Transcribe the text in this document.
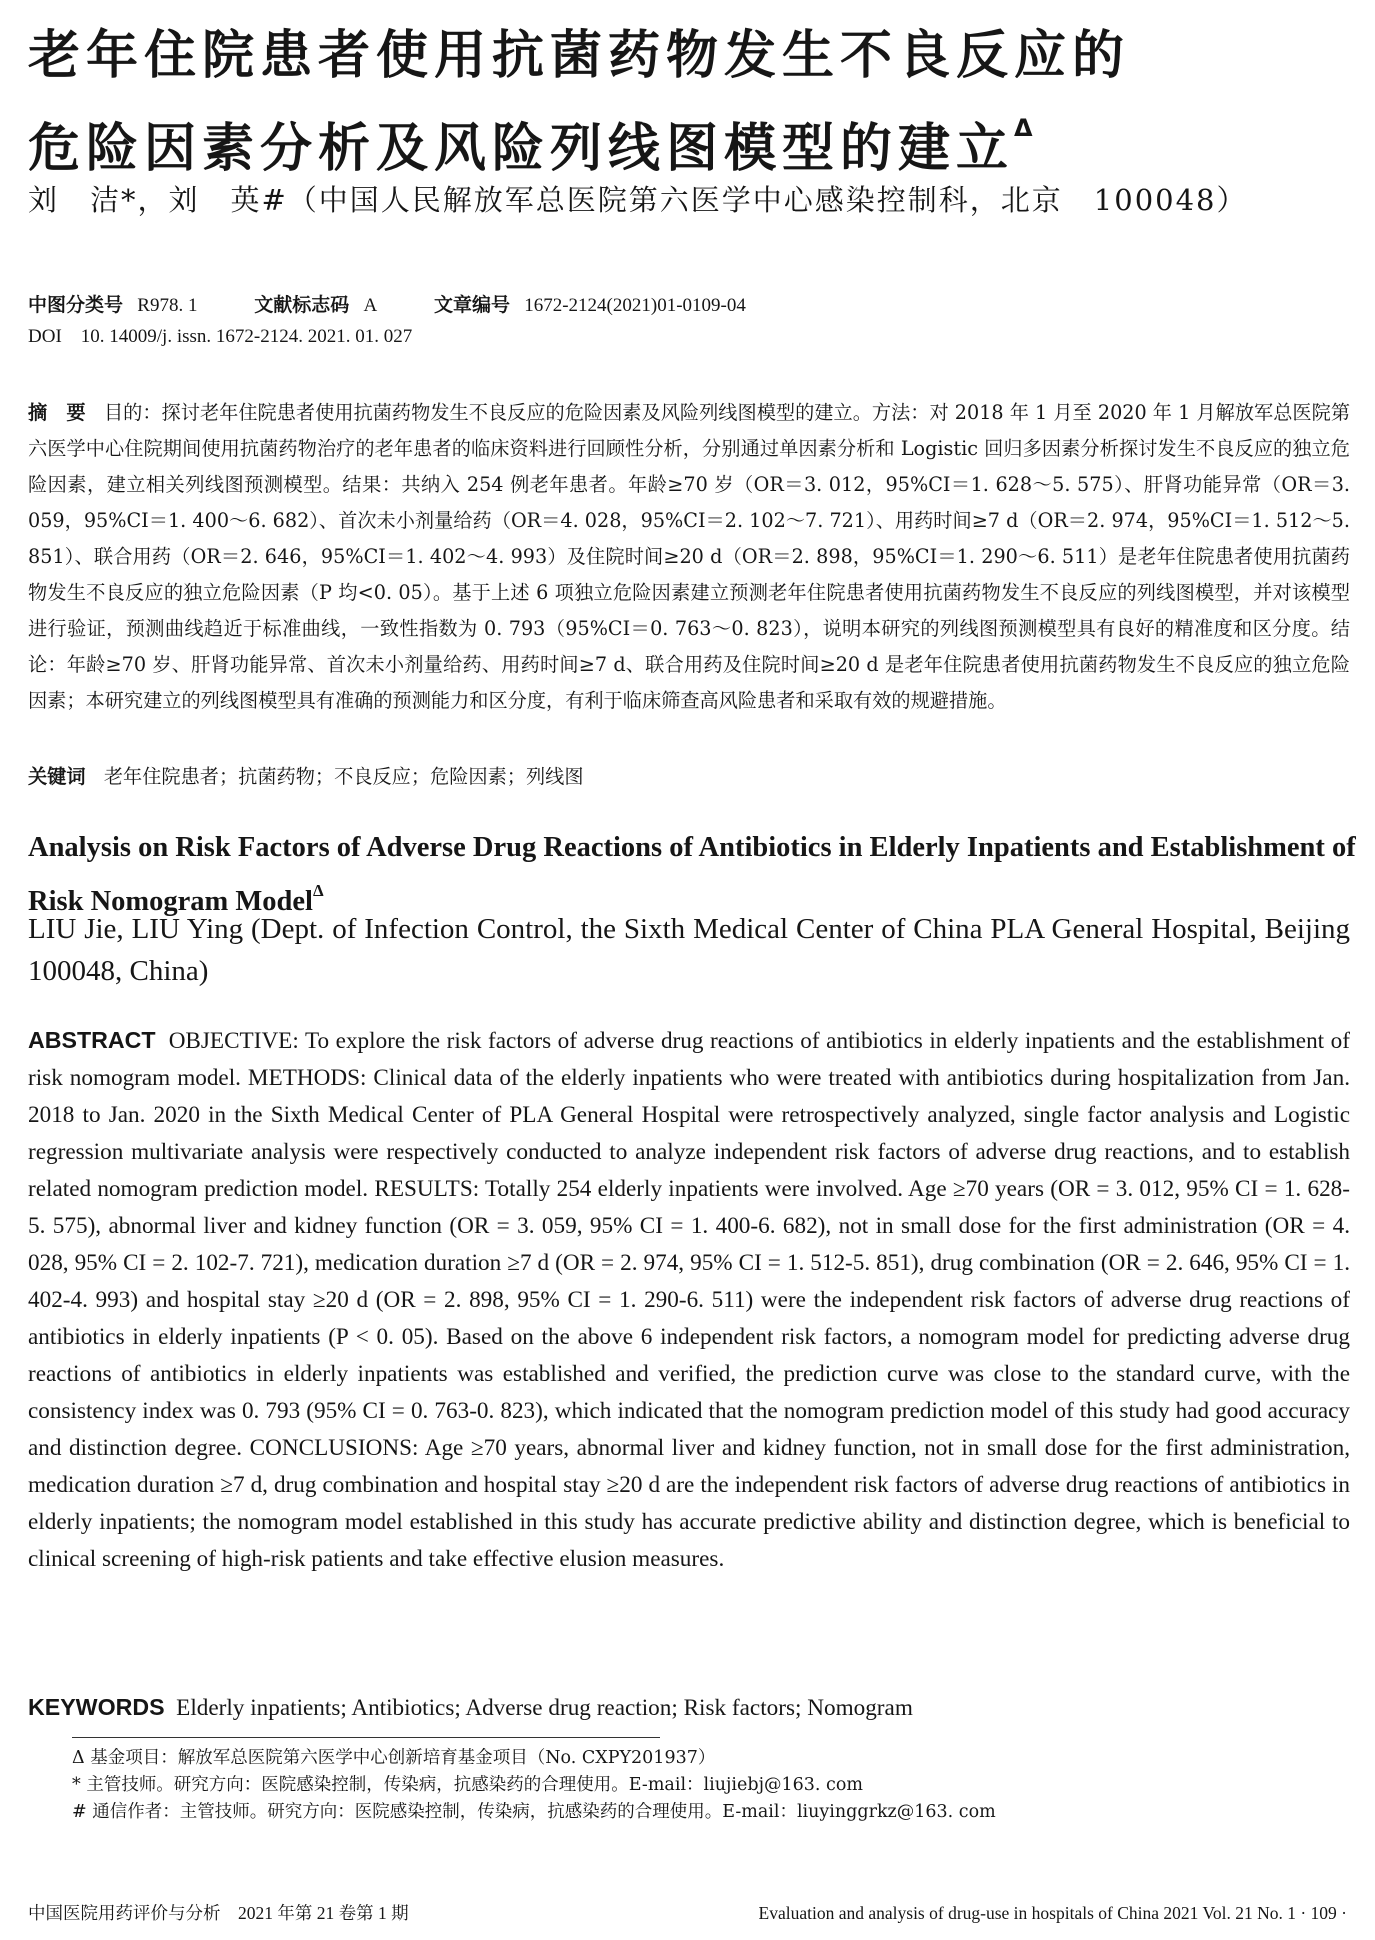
老年住院患者使用抗菌药物发生不良反应的
危险因素分析及风险列线图模型的建立$^\Delta$
刘　洁*，刘　英#（中国人民解放军总医院第六医学中心感染控制科，北京　100048）
中图分类号 R978. 1	文献标志码 A	文章编号 1672-2124(2021)01-0109-04
DOI　10. 14009/j. issn. 1672-2124. 2021. 01. 027

摘　要 目的：探讨老年住院患者使用抗菌药物发生不良反应的危险因素及风险列线图模型的建立。方法：对 2018 年 1 月至 2020 年 1 月解放军总医院第六医学中心住院期间使用抗菌药物治疗的老年患者的临床资料进行回顾性分析，分别通过单因素分析和 Logistic 回归多因素分析探讨发生不良反应的独立危险因素，建立相关列线图预测模型。结果：共纳入 254 例老年患者。年龄≥70 岁（OR＝3. 012，95%CI＝1. 628～5. 575）、肝肾功能异常（OR＝3. 059，95%CI＝1. 400～6. 682）、首次未小剂量给药（OR＝4. 028，95%CI＝2. 102～7. 721）、用药时间≥7 d（OR＝2. 974，95%CI＝1. 512～5. 851）、联合用药（OR＝2. 646，95%CI＝1. 402～4. 993）及住院时间≥20 d（OR＝2. 898，95%CI＝1. 290～6. 511）是老年住院患者使用抗菌药物发生不良反应的独立危险因素（P 均<0. 05）。基于上述 6 项独立危险因素建立预测老年住院患者使用抗菌药物发生不良反应的列线图模型，并对该模型进行验证，预测曲线趋近于标准曲线，一致性指数为 0. 793（95%CI＝0. 763～0. 823），说明本研究的列线图预测模型具有良好的精准度和区分度。结论：年龄≥70 岁、肝肾功能异常、首次未小剂量给药、用药时间≥7 d、联合用药及住院时间≥20 d 是老年住院患者使用抗菌药物发生不良反应的独立危险因素；本研究建立的列线图模型具有准确的预测能力和区分度，有利于临床筛查高风险患者和采取有效的规避措施。

关键词 老年住院患者；抗菌药物；不良反应；危险因素；列线图
Analysis on Risk Factors of Adverse Drug Reactions of Antibiotics in Elderly Inpatients and Establishment of Risk Nomogram Model$^\Delta$
LIU Jie, LIU Ying (Dept. of Infection Control, the Sixth Medical Center of China PLA General Hospital, Beijing 100048, China)

ABSTRACT OBJECTIVE: To explore the risk factors of adverse drug reactions of antibiotics in elderly inpatients and the establishment of risk nomogram model. METHODS: Clinical data of the elderly inpatients who were treated with antibiotics during hospitalization from Jan. 2018 to Jan. 2020 in the Sixth Medical Center of PLA General Hospital were retrospectively analyzed, single factor analysis and Logistic regression multivariate analysis were respectively conducted to analyze independent risk factors of adverse drug reactions, and to establish related nomogram prediction model. RESULTS: Totally 254 elderly inpatients were involved. Age ≥70 years (OR = 3. 012, 95% CI = 1. 628-5. 575), abnormal liver and kidney function (OR = 3. 059, 95% CI = 1. 400-6. 682), not in small dose for the first administration (OR = 4. 028, 95% CI = 2. 102-7. 721), medication duration ≥7 d (OR = 2. 974, 95% CI = 1. 512-5. 851), drug combination (OR = 2. 646, 95% CI = 1. 402-4. 993) and hospital stay ≥20 d (OR = 2. 898, 95% CI = 1. 290-6. 511) were the independent risk factors of adverse drug reactions of antibiotics in elderly inpatients (P < 0. 05). Based on the above 6 independent risk factors, a nomogram model for predicting adverse drug reactions of antibiotics in elderly inpatients was established and verified, the prediction curve was close to the standard curve, with the consistency index was 0. 793 (95% CI = 0. 763-0. 823), which indicated that the nomogram prediction model of this study had good accuracy and distinction degree. CONCLUSIONS: Age ≥70 years, abnormal liver and kidney function, not in small dose for the first administration, medication duration ≥7 d, drug combination and hospital stay ≥20 d are the independent risk factors of adverse drug reactions of antibiotics in elderly inpatients; the nomogram model established in this study has accurate predictive ability and distinction degree, which is beneficial to clinical screening of high-risk patients and take effective elusion measures.

KEYWORDS Elderly inpatients; Antibiotics; Adverse drug reaction; Risk factors; Nomogram
Δ 基金项目：解放军总医院第六医学中心创新培育基金项目（No. CXPY201937）
* 主管技师。研究方向：医院感染控制，传染病，抗感染药的合理使用。E-mail：liujiebj@163. com
# 通信作者：主管技师。研究方向：医院感染控制，传染病，抗感染药的合理使用。E-mail：liuyinggrkz@163. com
中国医院用药评价与分析　2021 年第 21 卷第 1 期	Evaluation and analysis of drug-use in hospitals of China 2021 Vol. 21 No. 1 · 109 ·
